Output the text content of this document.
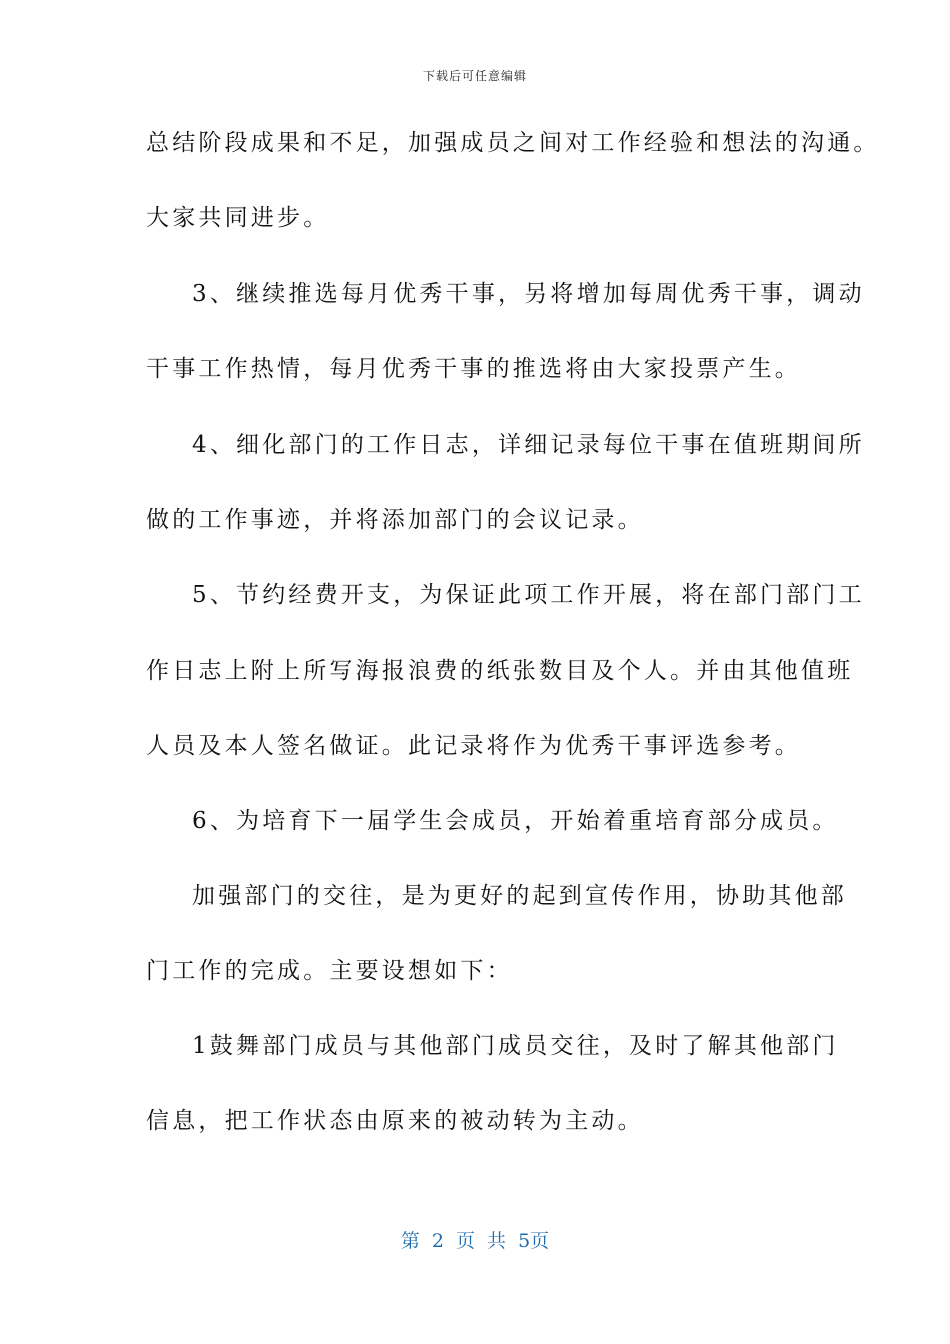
下载后可任意编辑
总结阶段成果和不足，加强成员之间对工作经验和想法的沟通。
大家共同进步。
3、继续推选每月优秀干事，另将增加每周优秀干事，调动
干事工作热情，每月优秀干事的推选将由大家投票产生。
4、细化部门的工作日志，详细记录每位干事在值班期间所
做的工作事迹，并将添加部门的会议记录。
5、节约经费开支，为保证此项工作开展，将在部门部门工
作日志上附上所写海报浪费的纸张数目及个人。并由其他值班
人员及本人签名做证。此记录将作为优秀干事评选参考。
6、为培育下一届学生会成员，开始着重培育部分成员。
加强部门的交往，是为更好的起到宣传作用，协助其他部
门工作的完成。主要设想如下：
1鼓舞部门成员与其他部门成员交往，及时了解其他部门
信息，把工作状态由原来的被动转为主动。
第 2 页 共 5页
